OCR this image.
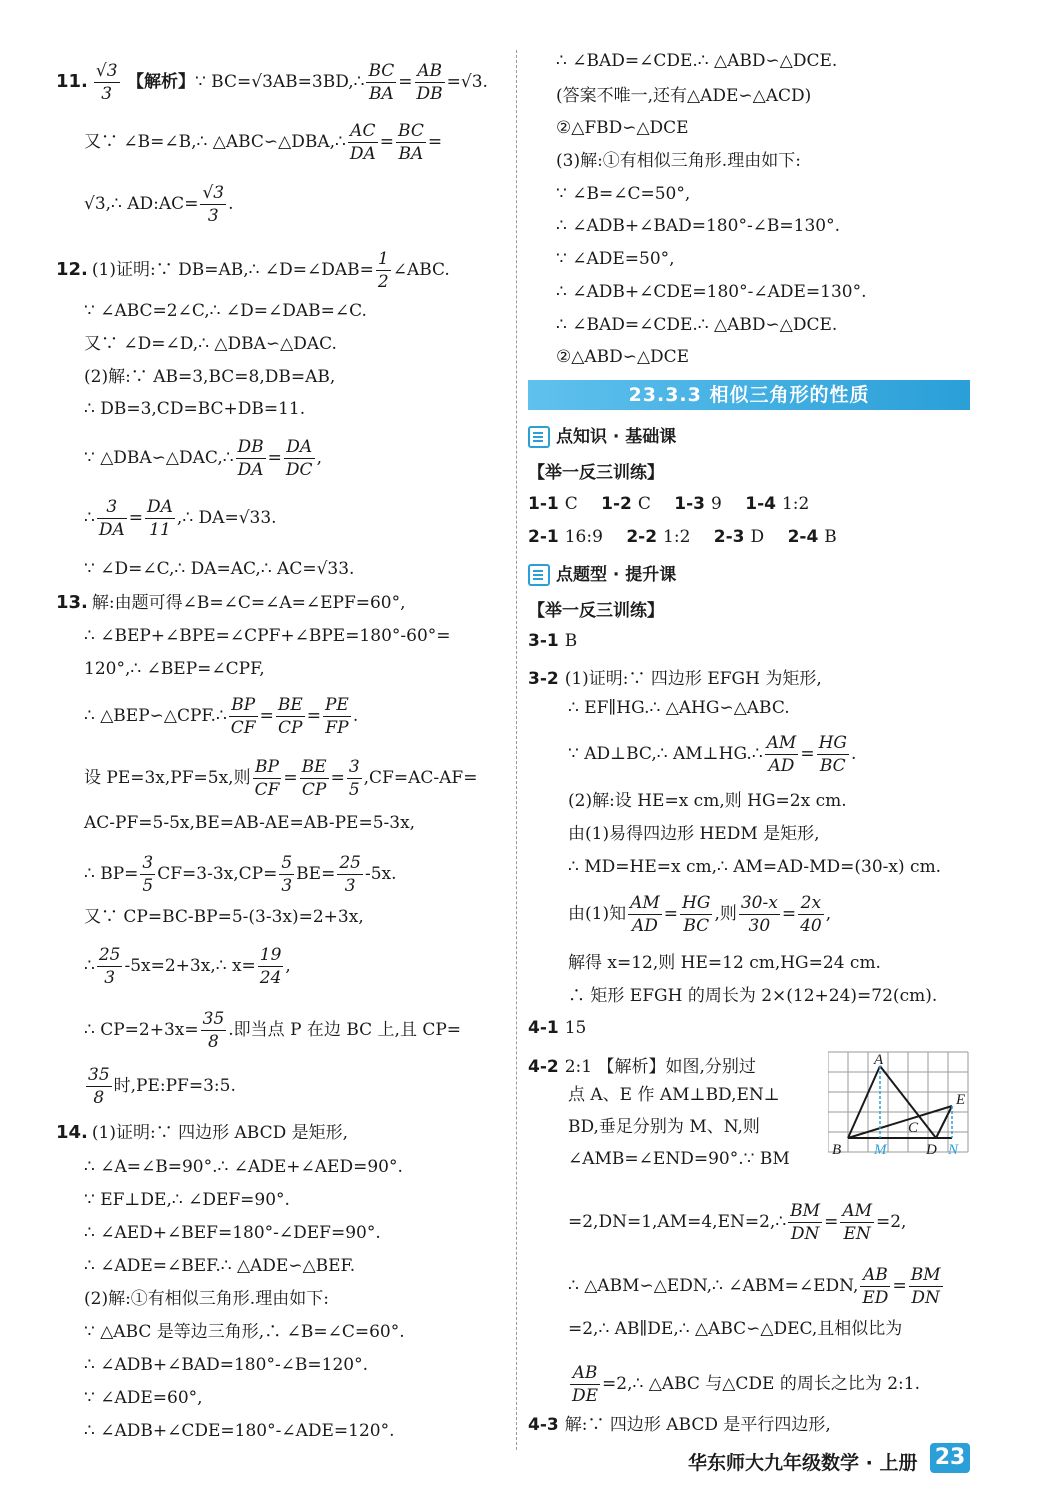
11. $\frac{√3}{3}$ 【解析】∵ BC=√3AB=3BD,∴ $\frac{BC}{BA} = \frac{AB}{DB} =√3$.
又∵ ∠B=∠B,∴ △ABC∽△DBA,∴ $\frac{AC}{DA} = \frac{BC}{BA}$ =
√3,∴ AD:AC= $\frac{√3}{3}$ .
12. (1)证明:∵ DB=AB,∴ ∠D=∠DAB= $\frac{1}{2}$ ∠ABC.
∵ ∠ABC=2∠C,∴ ∠D=∠DAB=∠C.
又∵ ∠D=∠D,∴ △DBA∽△DAC.
(2)解:∵ AB=3,BC=8,DB=AB,
∴ DB=3,CD=BC+DB=11.
∵ △DBA∽△DAC,∴ $\frac{DB}{DA} = \frac{DA}{DC}$ ,
∴ $\frac{3}{DA} = \frac{DA}{11}$ ,∴ DA=√33.
∵ ∠D=∠C,∴ DA=AC,∴ AC=√33.
13. 解:由题可得∠B=∠C=∠A=∠EPF=60°,
∴ ∠BEP+∠BPE=∠CPF+∠BPE=180°-60°=
120°,∴ ∠BEP=∠CPF,
∴ △BEP∽△CPF.∴ $\frac{BP}{CF} = \frac{BE}{CP} = \frac{PE}{FP}$ .
设 PE=3x,PF=5x,则 $\frac{BP}{CF} = \frac{BE}{CP} = \frac{3}{5} ,CF=AC-AF=$
AC-PF=5-5x,BE=AB-AE=AB-PE=5-3x,
∴ $BP= \frac{3}{5} CF=3-3x,CP= \frac{5}{3} BE= \frac{25}{3} -5x$.
又∵ CP=BC-BP=5-(3-3x)=2+3x,
∴ $\frac{25}{3}$ -5x=2+3x,∴ $x= \frac{19}{24}$ ,
∴ $CP=2+3x= \frac{35}{8}$ .即当点 P 在边 BC 上,且 CP=
$\frac{35}{8}$ 时,PE:PF=3:5.
14. (1)证明:∵ 四边形 ABCD 是矩形,
∴ ∠A=∠B=90°.∴ ∠ADE+∠AED=90°.
∵ EF⊥DE,∴ ∠DEF=90°.
∴ ∠AED+∠BEF=180°-∠DEF=90°.
∴ ∠ADE=∠BEF.∴ △ADE∽△BEF.
(2)解:①有相似三角形.理由如下:
∵ △ABC 是等边三角形,∴ ∠B=∠C=60°.
∴ ∠ADB+∠BAD=180°-∠B=120°.
∵ ∠ADE=60°,
∴ ∠ADB+∠CDE=180°-∠ADE=120°.
∴ ∠BAD=∠CDE.∴ △ABD∽△DCE.
(答案不唯一,还有△ADE∽△ACD)
②△FBD∽△DCE
(3)解:①有相似三角形.理由如下:
∵ ∠B=∠C=50°,
∴ ∠ADB+∠BAD=180°-∠B=130°.
∵ ∠ADE=50°,
∴ ∠ADB+∠CDE=180°-∠ADE=130°.
∴ ∠BAD=∠CDE.∴ △ABD∽△DCE.
②△ABD∽△DCE
23.3.3 相似三角形的性质
点知识 · 基础课
【举一反三训练】
1-1 C 1-2 C 1-3 9 1-4 1:2
2-1 16:9 2-2 1:2 2-3 D 2-4 B
点题型 · 提升课
【举一反三训练】
3-1 B
3-2 (1)证明:∵ 四边形 EFGH 为矩形,
∴ EF∥HG.∴ △AHG∽△ABC.
∵ AD⊥BC,∴ AM⊥HG.∴ $\frac{AM}{AD} = \frac{HG}{BC}$ .
(2)解:设 HE=x cm,则 HG=2x cm.
由(1)易得四边形 HEDM 是矩形,
∴ MD=HE=x cm,∴ AM=AD-MD=(30-x) cm.
由(1)知 $\frac{AM}{AD} = \frac{HG}{BC}$ ,则 $\frac{30-x}{30} = \frac{2x}{40}$ ,
解得 x=12,则 HE=12 cm,HG=24 cm.
∴ 矩形 EFGH 的周长为 2×(12+24)=72(cm).
4-1 15
4-2 2:1 【解析】如图,分别过
点 A、E 作 AM⊥BD,EN⊥
BD,垂足分别为 M、N,则
∠AMB=∠END=90°.∵ BM
=2,DN=1,AM=4,EN=2,∴ $\frac{BM}{DN} = \frac{AM}{EN} =2$,
∴ △ABM∽△EDN,∴ ∠ABM=∠EDN, $\frac{AB}{ED} = \frac{BM}{DN}$
=2,∴ AB∥DE,∴ △ABC∽△DEC,且相似比为
$\frac{AB}{DE}$ =2,∴ △ABC 与△CDE 的周长之比为 2:1.
4-3 解:∵ 四边形 ABCD 是平行四边形,
A
E
C
B M	D N
华东师大九年级数学 · 上册 23
